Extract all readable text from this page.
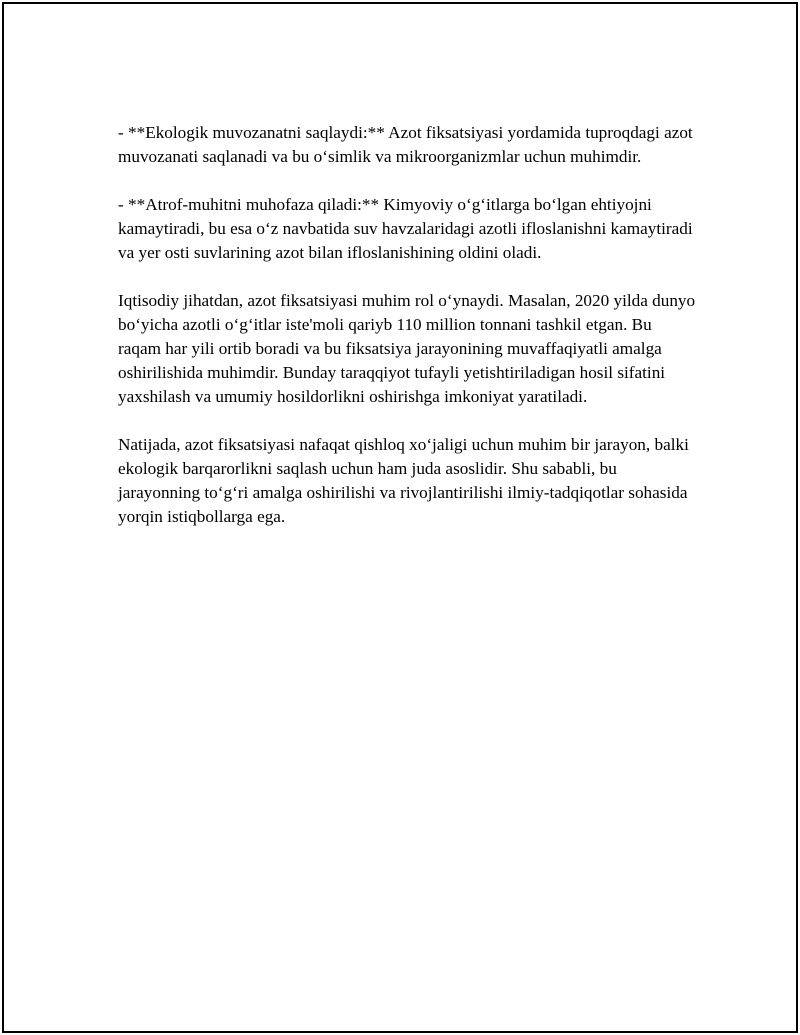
- **Ekologik muvozanatni saqlaydi:** Azot fiksatsiyasi yordamida tuproqdagi azot muvozanati saqlanadi va bu o‘simlik va mikroorganizmlar uchun muhimdir.

- **Atrof-muhitni muhofaza qiladi:** Kimyoviy o‘g‘itlarga bo‘lgan ehtiyojni kamaytiradi, bu esa o‘z navbatida suv havzalaridagi azotli ifloslanishni kamaytiradi va yer osti suvlarining azot bilan ifloslanishining oldini oladi.

Iqtisodiy jihatdan, azot fiksatsiyasi muhim rol o‘ynaydi. Masalan, 2020 yilda dunyo bo‘yicha azotli o‘g‘itlar iste'moli qariyb 110 million tonnani tashkil etgan. Bu raqam har yili ortib boradi va bu fiksatsiya jarayonining muvaffaqiyatli amalga oshirilishida muhimdir. Bunday taraqqiyot tufayli yetishtiriladigan hosil sifatini yaxshilash va umumiy hosildorlikni oshirishga imkoniyat yaratiladi.

Natijada, azot fiksatsiyasi nafaqat qishloq xo‘jaligi uchun muhim bir jarayon, balki ekologik barqarorlikni saqlash uchun ham juda asoslidir. Shu sababli, bu jarayonning to‘g‘ri amalga oshirilishi va rivojlantirilishi ilmiy-tadqiqotlar sohasida yorqin istiqbollarga ega.
